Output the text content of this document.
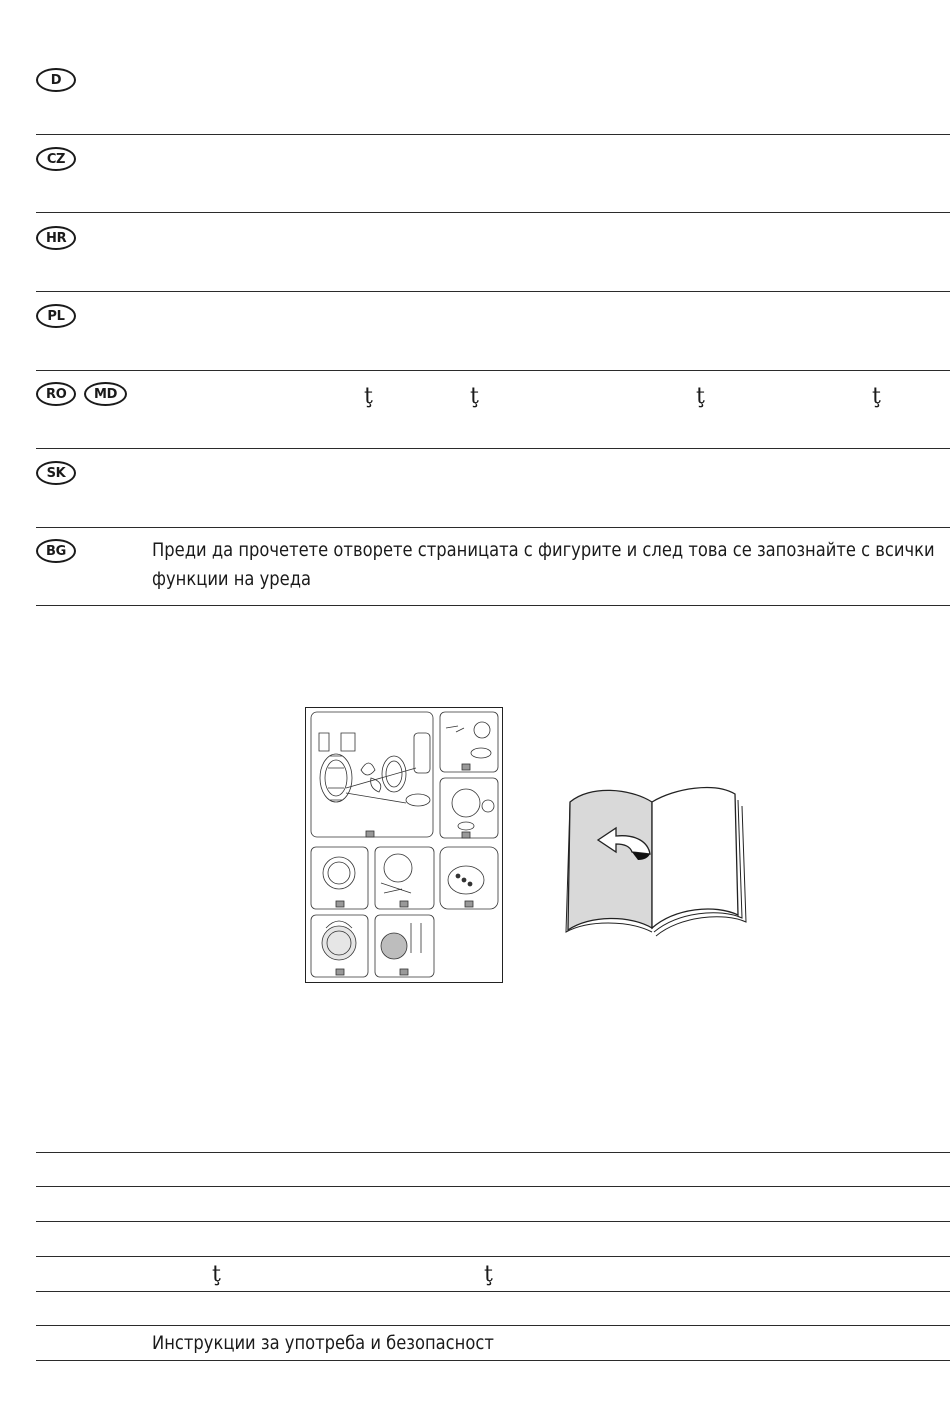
D
CZ
HR
PL
RO	MD	ţ	ţ	ţ	ţ
SK
BG	Преди да прочетете отворете страницата с фигурите и след това се запознайте с всички функции на уреда
ţ	ţ
Инструкции за употреба и безопасност
